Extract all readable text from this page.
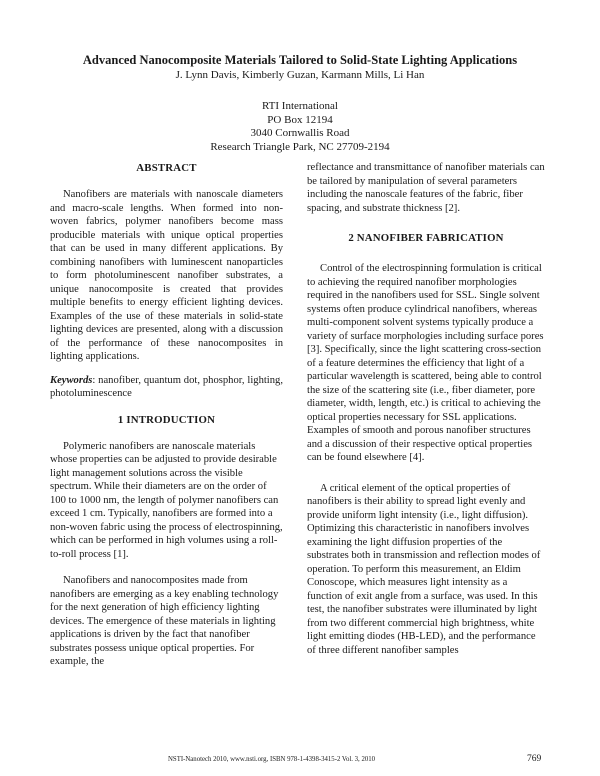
Advanced Nanocomposite Materials Tailored to Solid-State Lighting Applications
J. Lynn Davis, Kimberly Guzan, Karmann Mills, Li Han
RTI International
PO Box 12194
3040 Cornwallis Road
Research Triangle Park, NC 27709-2194
ABSTRACT

Nanofibers are materials with nanoscale diameters and macro-scale lengths. When formed into non-woven fabrics, polymer nanofibers become mass producible materials with unique optical properties that can be used in many different applications. By combining nanofibers with luminescent nanoparticles to form photoluminescent nanofiber substrates, a unique nanocomposite is created that provides multiple benefits to energy efficient lighting devices. Examples of the use of these materials in solid-state lighting devices are presented, along with a discussion of the performance of these nanocomposites in lighting applications.

Keywords: nanofiber, quantum dot, phosphor, lighting, photoluminescence

1 INTRODUCTION

Polymeric nanofibers are nanoscale materials whose properties can be adjusted to provide desirable light management solutions across the visible spectrum. While their diameters are on the order of 100 to 1000 nm, the length of polymer nanofibers can exceed 1 cm. Typically, nanofibers are formed into a non-woven fabric using the process of electrospinning, which can be performed in high volumes using a roll-to-roll process [1].

Nanofibers and nanocomposites made from nanofibers are emerging as a key enabling technology for the next generation of high efficiency lighting devices. The emergence of these materials in lighting applications is driven by the fact that nanofiber substrates possess unique optical properties. For example, the

reflectance and transmittance of nanofiber materials can be tailored by manipulation of several parameters including the nanoscale features of the fabric, fiber spacing, and substrate thickness [2].

2 NANOFIBER FABRICATION

Control of the electrospinning formulation is critical to achieving the required nanofiber morphologies required in the nanofibers used for SSL. Single solvent systems often produce cylindrical nanofibers, whereas multi-component solvent systems typically produce a variety of surface morphologies including surface pores [3]. Specifically, since the light scattering cross-section of a feature determines the efficiency that light of a particular wavelength is scattered, being able to control the size of the scattering site (i.e., fiber diameter, pore diameter, width, length, etc.) is critical to achieving the optical properties necessary for SSL applications. Examples of smooth and porous nanofiber structures and a discussion of their respective optical properties can be found elsewhere [4].

A critical element of the optical properties of nanofibers is their ability to spread light evenly and provide uniform light intensity (i.e., light diffusion). Optimizing this characteristic in nanofibers involves examining the light diffusion properties of the substrates both in transmission and reflection modes of operation. To perform this measurement, an Eldim Conoscope, which measures light intensity as a function of exit angle from a surface, was used. In this test, the nanofiber substrates were illuminated by light from two different commercial high brightness, white light emitting diodes (HB-LED), and the performance of three different nanofiber samples

NSTI-Nanotech 2010, www.nsti.org, ISBN 978-1-4398-3415-2 Vol. 3, 2010	769
